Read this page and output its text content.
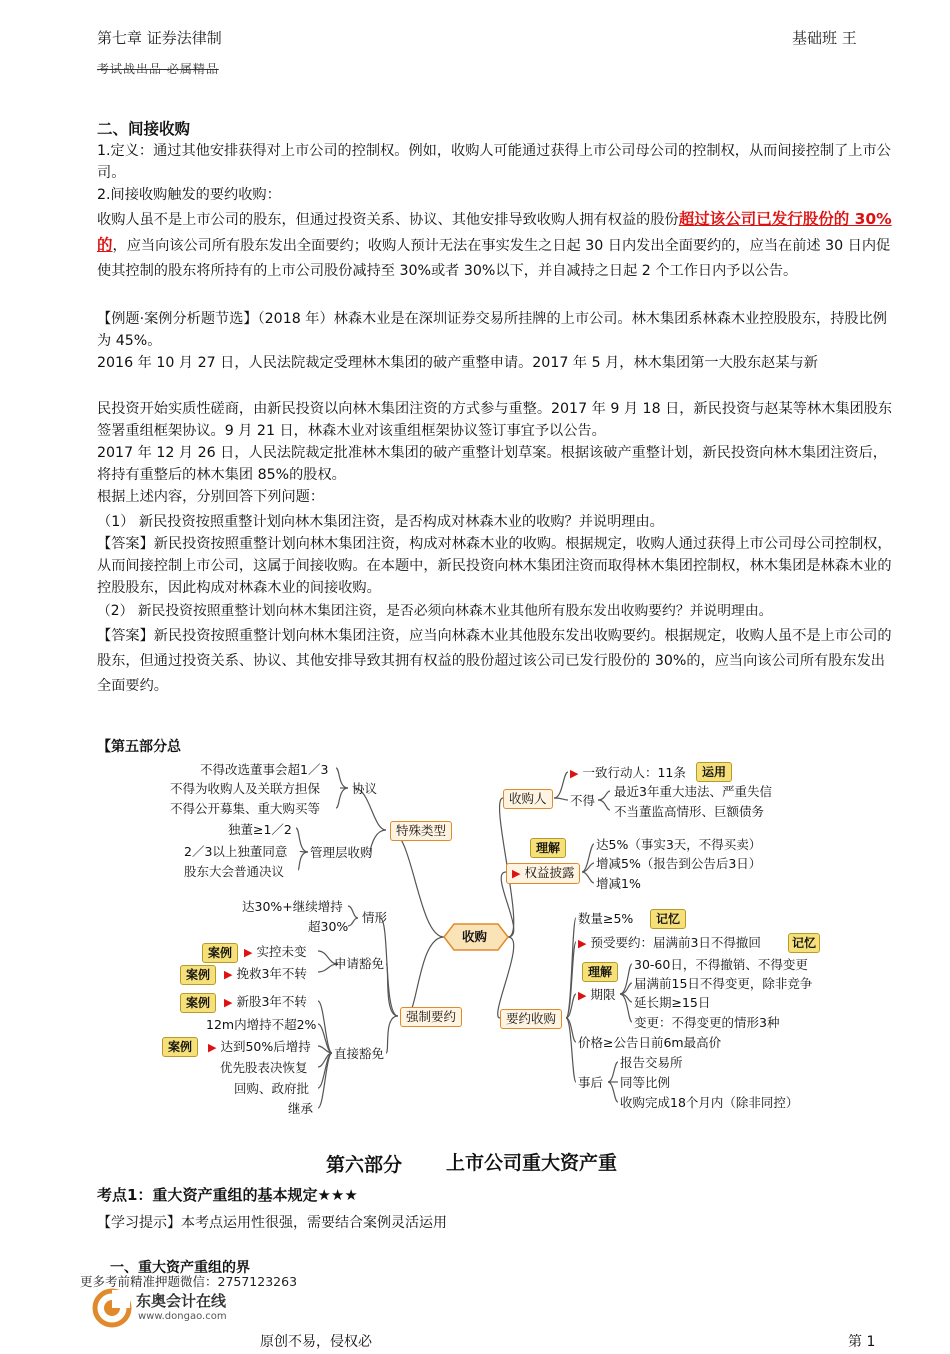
第七章 证券法律制	基础班 王
考试战出品 必属精品
二、间接收购
1.定义：通过其他安排获得对上市公司的控制权。例如，收购人可能通过获得上市公司母公司的控制权，从而间接控制了上市公司。
2.间接收购触发的要约收购：
收购人虽不是上市公司的股东，但通过投资关系、协议、其他安排导致收购人拥有权益的股份超过该公司已发行股份的 30%的，应当向该公司所有股东发出全面要约；收购人预计无法在事实发生之日起 30 日内发出全面要约的，应当在前述 30 日内促使其控制的股东将所持有的上市公司股份减持至 30%或者 30%以下，并自减持之日起 2 个工作日内予以公告。
【例题·案例分析题节选】（2018 年）林森木业是在深圳证券交易所挂牌的上市公司。林木集团系林森木业控股股东，持股比例为 45%。
2016 年 10 月 27 日，人民法院裁定受理林木集团的破产重整申请。2017 年 5 月，林木集团第一大股东赵某与新
民投资开始实质性磋商，由新民投资以向林木集团注资的方式参与重整。2017 年 9 月 18 日，新民投资与赵某等林木集团股东签署重组框架协议。9 月 21 日，林森木业对该重组框架协议签订事宜予以公告。
2017 年 12 月 26 日，人民法院裁定批准林木集团的破产重整计划草案。根据该破产重整计划，新民投资向林木集团注资后，将持有重整后的林木集团 85%的股权。
根据上述内容，分别回答下列问题：
（1） 新民投资按照重整计划向林木集团注资，是否构成对林森木业的收购？并说明理由。
【答案】新民投资按照重整计划向林木集团注资，构成对林森木业的收购。根据规定，收购人通过获得上市公司母公司控制权，从而间接控制上市公司，这属于间接收购。在本题中，新民投资向林木集团注资而取得林木集团控制权，林木集团是林森木业的控股股东，因此构成对林森木业的间接收购。
（2） 新民投资按照重整计划向林木集团注资，是否必须向林森木业其他所有股东发出收购要约？并说明理由。
【答案】新民投资按照重整计划向林木集团注资，应当向林森木业其他股东发出收购要约。根据规定，收购人虽不是上市公司的股东，但通过投资关系、协议、其他安排导致其拥有权益的股份超过该公司已发行股份的 30%的，应当向该公司所有股东发出全面要约。
【第五部分总
收购
特殊类型
协议
不得改选董事会超1／3
不得为收购人及关联方担保
不得公开募集、重大购买等
管理层收购
独董≥1／2
2／3以上独董同意
股东大会普通决议
强制要约
情形
达30%+继续增持
超30%
申请豁免
案例	▶ 实控未变
案例	▶ 挽救3年不转
直接豁免
案例	▶ 新股3年不转
12m内增持不超2%
案例	▶ 达到50%后增持
优先股表决恢复
回购、政府批
继承
收购人
▶ 一致行动人：11条	运用
不得
最近3年重大违法、严重失信
不当董监高情形、巨额债务
理解
▶ 权益披露
达5%（事实3天，不得买卖）
增减5%（报告到公告后3日）
增减1%
要约收购
数量≥5%	记忆
▶ 预受要约：届满前3日不得撤回	记忆
理解
▶ 期限
30-60日，不得撤销、不得变更
届满前15日不得变更，除非竞争
延长期≥15日
变更：不得变更的情形3种
价格≥公告日前6m最高价
事后
报告交易所
同等比例
收购完成18个月内（除非同控）
第六部分 上市公司重大资产重
考点1：重大资产重组的基本规定★★★
【学习提示】本考点运用性很强，需要结合案例灵活运用
一、重大资产重组的界
更多考前精准押题微信：2757123263
东奥会计在线
www.dongao.com
原创不易，侵权必	第 1
